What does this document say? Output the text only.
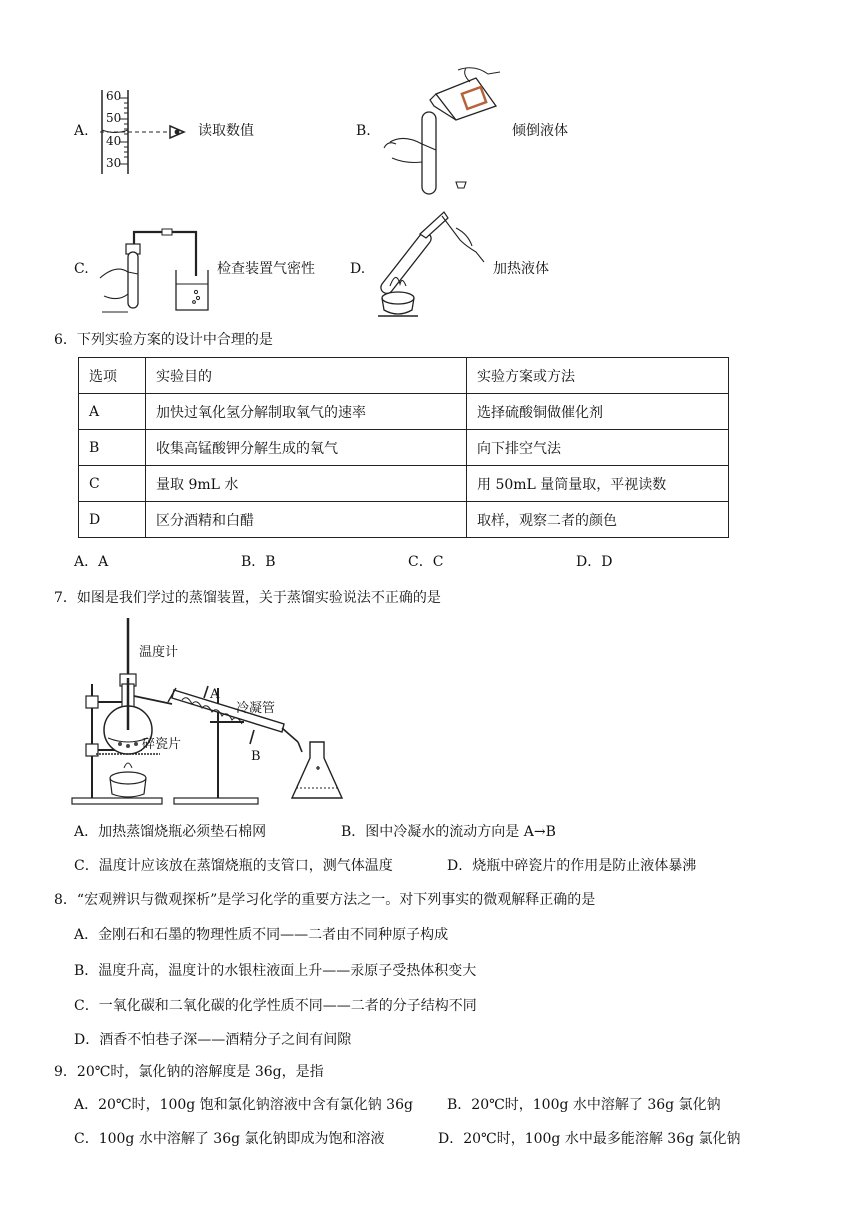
A.
60
50
40
30
读取数值	B.	倾倒液体
C.	检查装置气密性	D.	加热液体
6．下列实验方案的设计中合理的是
选项	实验目的	实验方案或方法
A	加快过氧化氢分解制取氧气的速率	选择硫酸铜做催化剂
B	收集高锰酸钾分解生成的氧气	向下排空气法
C	量取 9mL 水	用 50mL 量筒量取，平视读数
D	区分酒精和白醋	取样，观察二者的颜色
A．A	B．B	C．C	D．D
7．如图是我们学过的蒸馏装置，关于蒸馏实验说法不正确的是
温度计
A
冷凝管
碎瓷片
B
A．加热蒸馏烧瓶必须垫石棉网	B．图中冷凝水的流动方向是 A→B
C．温度计应该放在蒸馏烧瓶的支管口，测气体温度	D．烧瓶中碎瓷片的作用是防止液体暴沸
8．“宏观辨识与微观探析”是学习化学的重要方法之一。对下列事实的微观解释正确的是
A．金刚石和石墨的物理性质不同——二者由不同种原子构成
B．温度升高，温度计的水银柱液面上升——汞原子受热体积变大
C．一氧化碳和二氧化碳的化学性质不同——二者的分子结构不同
D．酒香不怕巷子深——酒精分子之间有间隙
9．20℃时，氯化钠的溶解度是 36g，是指
A．20℃时，100g 饱和氯化钠溶液中含有氯化钠 36g B．20℃时，100g 水中溶解了 36g 氯化钠
C．100g 水中溶解了 36g 氯化钠即成为饱和溶液	D．20℃时，100g 水中最多能溶解 36g 氯化钠
